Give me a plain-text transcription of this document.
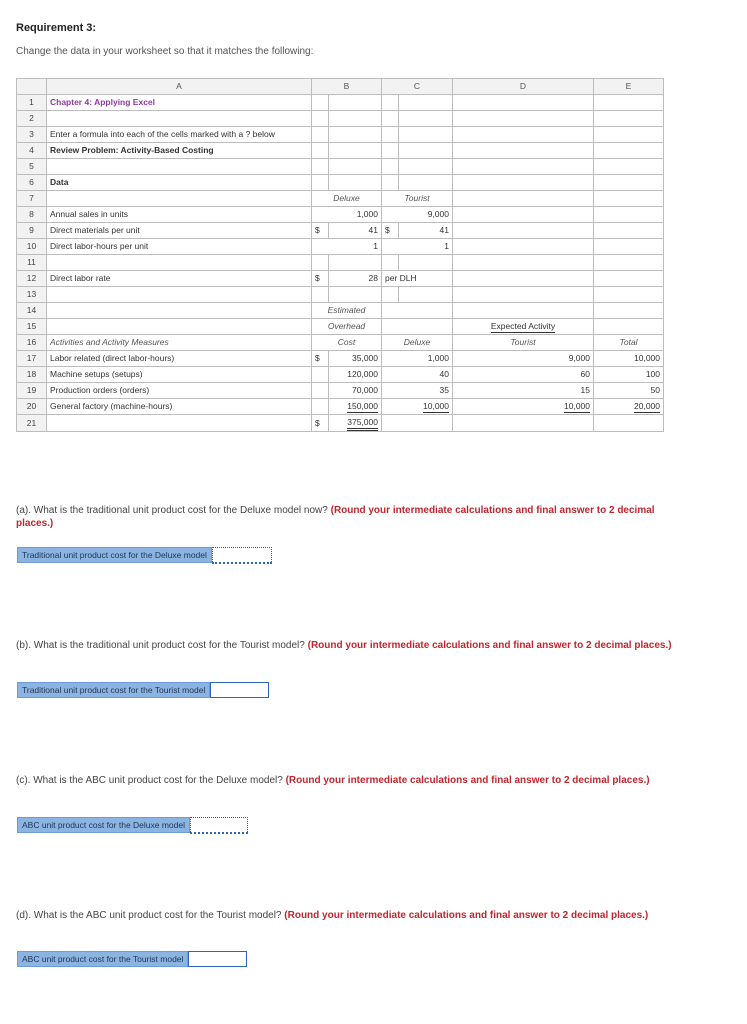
Requirement 3:
Change the data in your worksheet so that it matches the following:
	A	B		C		D	E
1	Chapter 4: Applying Excel						
2							
3	Enter a formula into each of the cells marked with a ? below						
4	Review Problem: Activity-Based Costing						
5							
6	Data						
7		Deluxe		Tourist			
8	Annual sales in units	1,000		9,000			
9	Direct materials per unit	$	41	$	41		
10	Direct labor-hours per unit	1		1			
11							
12	Direct labor rate	$	28	per DLH			
13							
14		Estimated					
15		Overhead				Expected Activity	
16	Activities and Activity Measures	Cost		Deluxe		Tourist	Total
17	Labor related (direct labor-hours)	$	35,000	1,000		9,000	10,000
18	Machine setups (setups)		120,000	40		60	100
19	Production orders (orders)		70,000	35		15	50
20	General factory (machine-hours)		150,000	10,000		10,000	20,000
21		$	375,000				
(a). What is the traditional unit product cost for the Deluxe model now? (Round your intermediate calculations and final answer to 2 decimal places.)
Traditional unit product cost for the Deluxe model
(b). What is the traditional unit product cost for the Tourist model? (Round your intermediate calculations and final answer to 2 decimal places.)
Traditional unit product cost for the Tourist model
(c). What is the ABC unit product cost for the Deluxe model? (Round your intermediate calculations and final answer to 2 decimal places.)
ABC unit product cost for the Deluxe model
(d). What is the ABC unit product cost for the Tourist model? (Round your intermediate calculations and final answer to 2 decimal places.)
ABC unit product cost for the Tourist model
